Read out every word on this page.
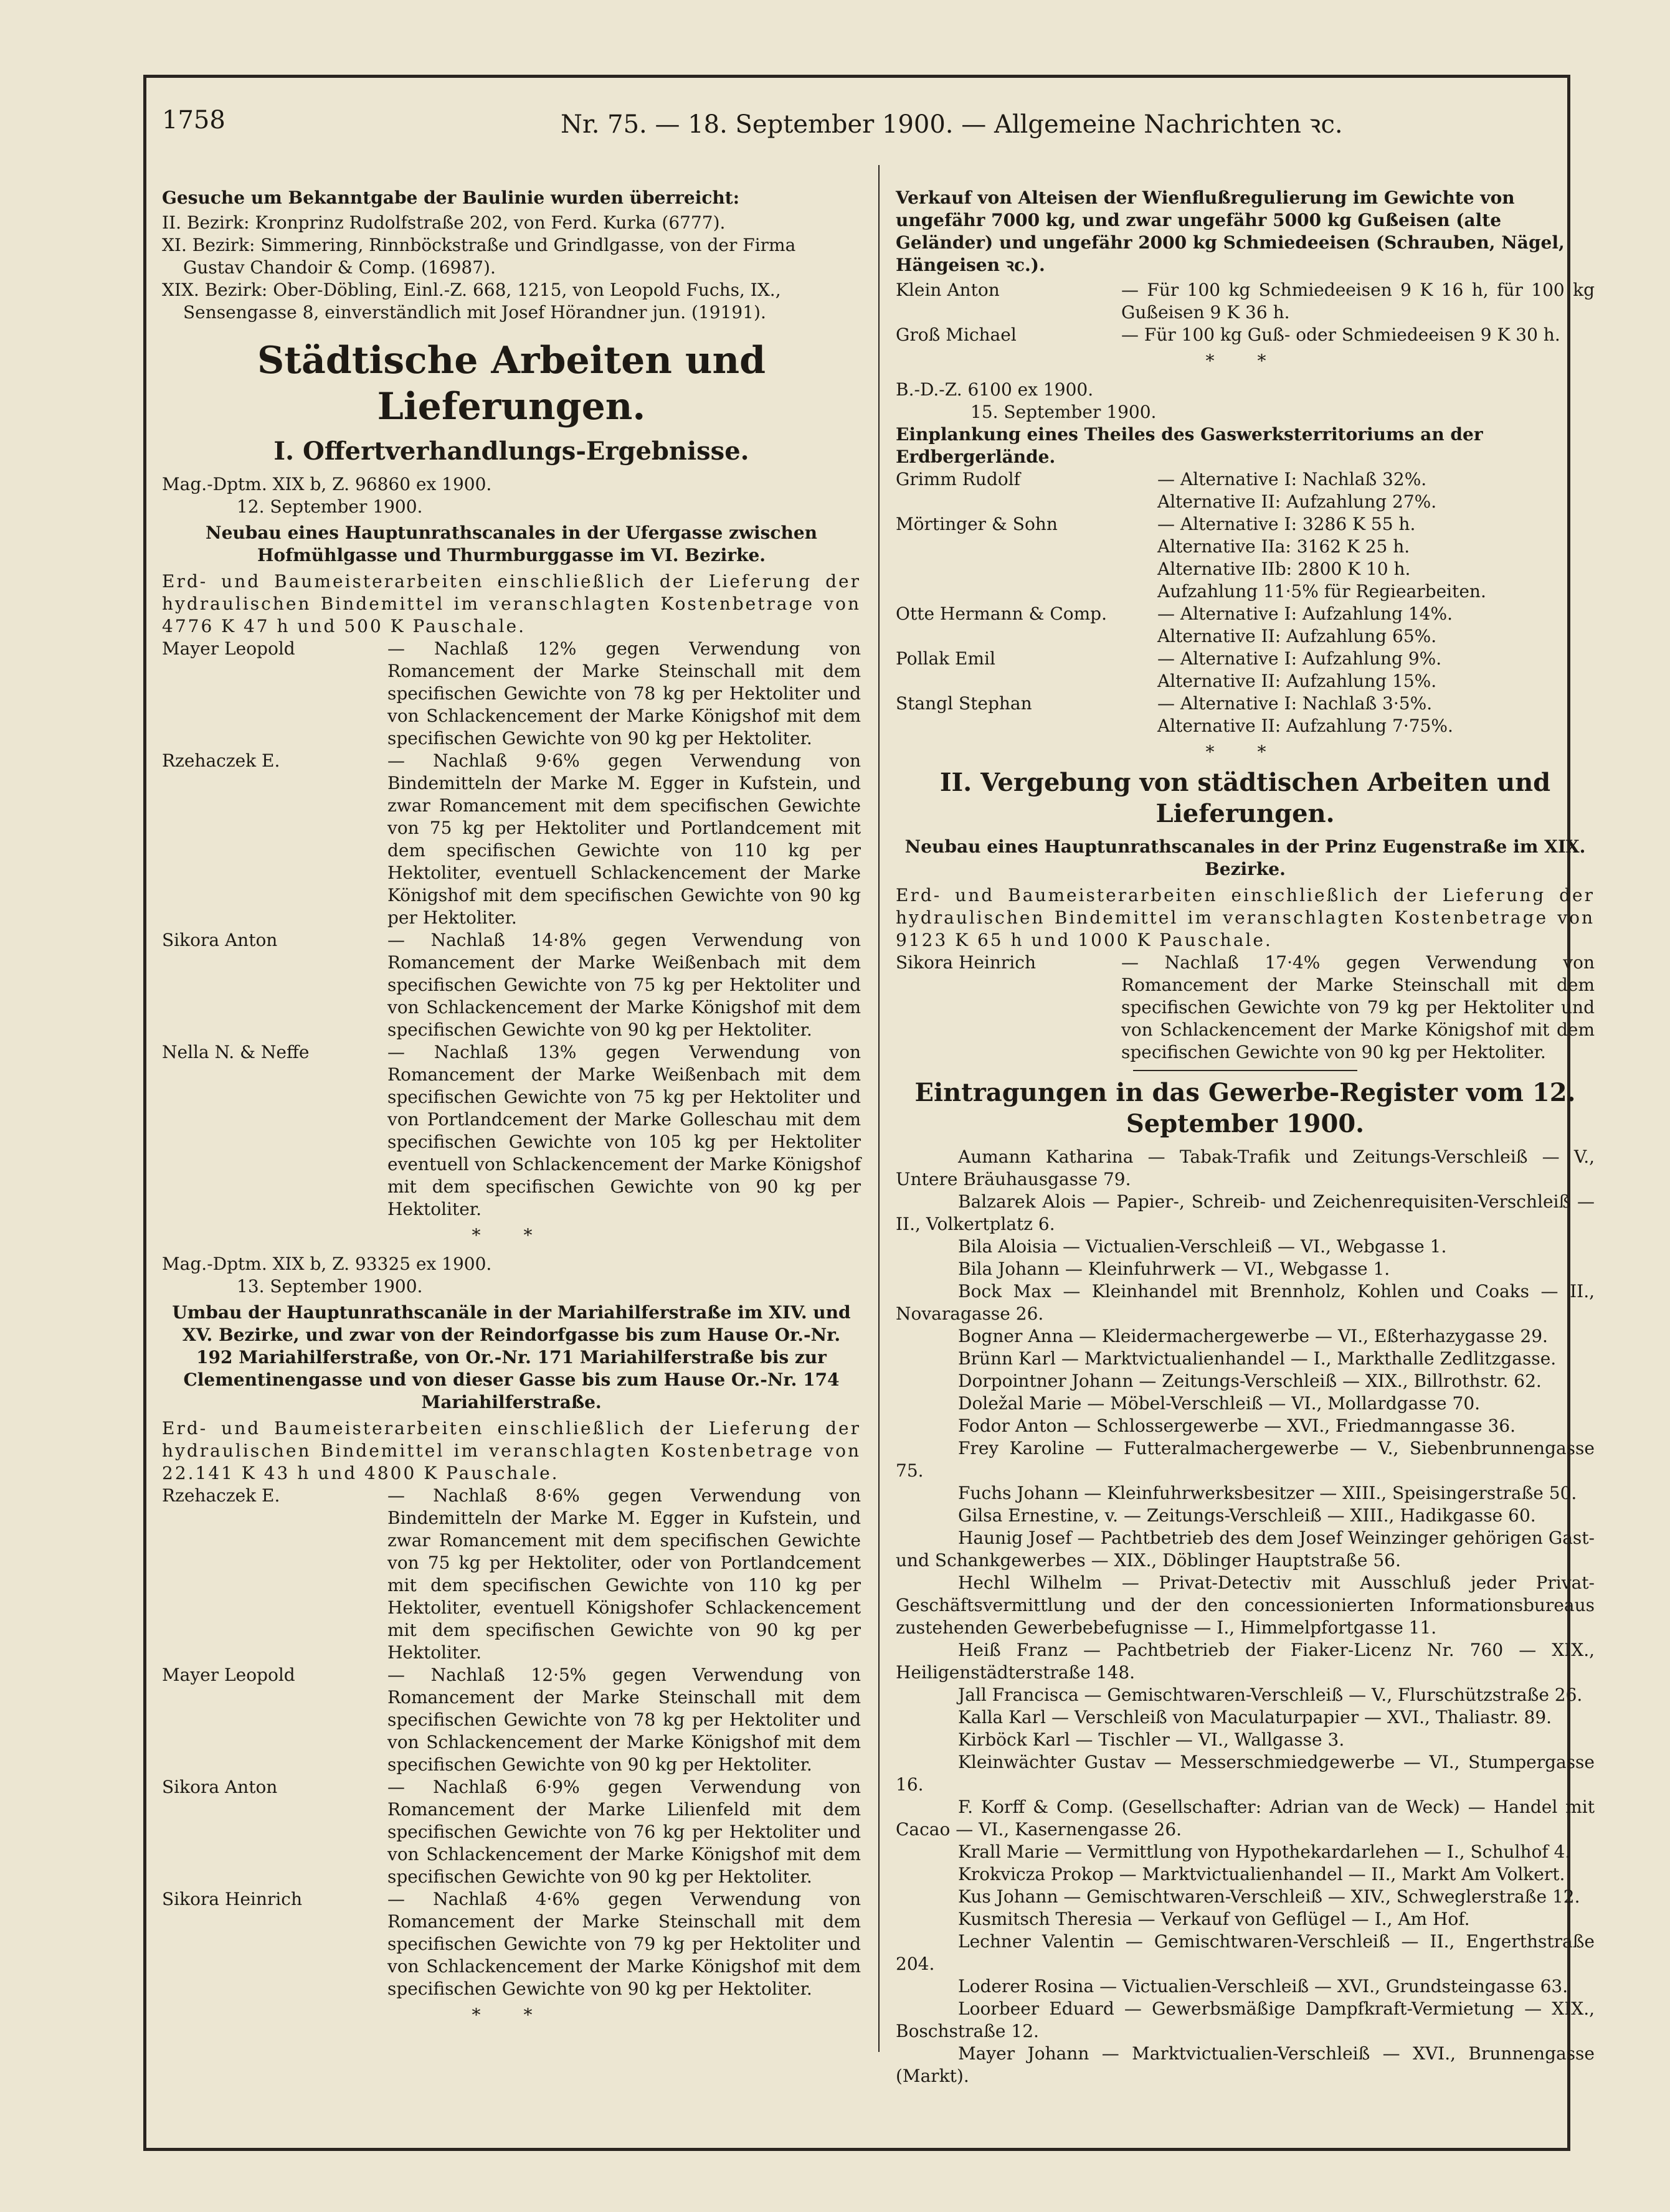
1758	Nr. 75. — 18. September 1900. — Allgemeine Nachrichten ꝛc.
Gesuche um Bekanntgabe der Baulinie wurden überreicht:
II. Bezirk: Kronprinz Rudolfstraße 202, von Ferd. Kurka (6777).
XI. Bezirk: Simmering, Rinnböckstraße und Grindlgasse, von der Firma Gustav Chandoir & Comp. (16987).
XIX. Bezirk: Ober-Döbling, Einl.-Z. 668, 1215, von Leopold Fuchs, IX., Sensengasse 8, einverständlich mit Josef Hörandner jun. (19191).
Städtische Arbeiten und Lieferungen.
I. Offertverhandlungs-Ergebnisse.
Mag.-Dptm. XIX b, Z. 96860 ex 1900.
12. September 1900.
Neubau eines Hauptunrathscanales in der Ufergasse zwischen Hofmühlgasse und Thurmburggasse im VI. Bezirke.
Erd- und Baumeisterarbeiten einschließlich der Lieferung der hydraulischen Bindemittel im veranschlagten Kostenbetrage von 4776 K 47 h und 500 K Pauschale.
Mayer Leopold	— Nachlaß 12% gegen Verwendung von Romancement der Marke Steinschall mit dem specifischen Gewichte von 78 kg per Hektoliter und von Schlackencement der Marke Königshof mit dem specifischen Gewichte von 90 kg per Hektoliter.
Rzehaczek E.	— Nachlaß 9·6% gegen Verwendung von Bindemitteln der Marke M. Egger in Kufstein, und zwar Romancement mit dem specifischen Gewichte von 75 kg per Hektoliter und Portlandcement mit dem specifischen Gewichte von 110 kg per Hektoliter, eventuell Schlackencement der Marke Königshof mit dem specifischen Gewichte von 90 kg per Hektoliter.
Sikora Anton	— Nachlaß 14·8% gegen Verwendung von Romancement der Marke Weißenbach mit dem specifischen Gewichte von 75 kg per Hektoliter und von Schlackencement der Marke Königshof mit dem specifischen Gewichte von 90 kg per Hektoliter.
Nella N. & Neffe	— Nachlaß 13% gegen Verwendung von Romancement der Marke Weißenbach mit dem specifischen Gewichte von 75 kg per Hektoliter und von Portlandcement der Marke Golleschau mit dem specifischen Gewichte von 105 kg per Hektoliter eventuell von Schlackencement der Marke Königshof mit dem specifischen Gewichte von 90 kg per Hektoliter.
* *
Mag.-Dptm. XIX b, Z. 93325 ex 1900.
13. September 1900.
Umbau der Hauptunrathscanäle in der Mariahilferstraße im XIV. und XV. Bezirke, und zwar von der Reindorfgasse bis zum Hause Or.-Nr. 192 Mariahilferstraße, von Or.-Nr. 171 Mariahilferstraße bis zur Clementinengasse und von dieser Gasse bis zum Hause Or.-Nr. 174 Mariahilferstraße.
Erd- und Baumeisterarbeiten einschließlich der Lieferung der hydraulischen Bindemittel im veranschlagten Kostenbetrage von 22.141 K 43 h und 4800 K Pauschale.
Rzehaczek E.	— Nachlaß 8·6% gegen Verwendung von Bindemitteln der Marke M. Egger in Kufstein, und zwar Romancement mit dem specifischen Gewichte von 75 kg per Hektoliter, oder von Portlandcement mit dem specifischen Gewichte von 110 kg per Hektoliter, eventuell Königshofer Schlackencement mit dem specifischen Gewichte von 90 kg per Hektoliter.
Mayer Leopold	— Nachlaß 12·5% gegen Verwendung von Romancement der Marke Steinschall mit dem specifischen Gewichte von 78 kg per Hektoliter und von Schlackencement der Marke Königshof mit dem specifischen Gewichte von 90 kg per Hektoliter.
Sikora Anton	— Nachlaß 6·9% gegen Verwendung von Romancement der Marke Lilienfeld mit dem specifischen Gewichte von 76 kg per Hektoliter und von Schlackencement der Marke Königshof mit dem specifischen Gewichte von 90 kg per Hektoliter.
Sikora Heinrich	— Nachlaß 4·6% gegen Verwendung von Romancement der Marke Steinschall mit dem specifischen Gewichte von 79 kg per Hektoliter und von Schlackencement der Marke Königshof mit dem specifischen Gewichte von 90 kg per Hektoliter.
* *
Verkauf von Alteisen der Wienflußregulierung im Gewichte von ungefähr 7000 kg, und zwar ungefähr 5000 kg Gußeisen (alte Geländer) und ungefähr 2000 kg Schmiedeeisen (Schrauben, Nägel, Hängeisen ꝛc.).
Klein Anton	— Für 100 kg Schmiedeeisen 9 K 16 h, für 100 kg Gußeisen 9 K 36 h.
Groß Michael	— Für 100 kg Guß- oder Schmiedeeisen 9 K 30 h.
* *
B.-D.-Z. 6100 ex 1900.
15. September 1900.
Einplankung eines Theiles des Gaswerksterritoriums an der Erdbergerlände.
Grimm Rudolf	— Alternative I: Nachlaß 32%.
Alternative II: Aufzahlung 27%.
Mörtinger & Sohn	— Alternative I: 3286 K 55 h.
Alternative IIa: 3162 K 25 h.
Alternative IIb: 2800 K 10 h.
Aufzahlung 11·5% für Regiearbeiten.
Otte Hermann & Comp.	— Alternative I: Aufzahlung 14%.
Alternative II: Aufzahlung 65%.
Pollak Emil	— Alternative I: Aufzahlung 9%.
Alternative II: Aufzahlung 15%.
Stangl Stephan	— Alternative I: Nachlaß 3·5%.
Alternative II: Aufzahlung 7·75%.
* *
II. Vergebung von städtischen Arbeiten und Lieferungen.
Neubau eines Hauptunrathscanales in der Prinz Eugenstraße im XIX. Bezirke.
Erd- und Baumeisterarbeiten einschließlich der Lieferung der hydraulischen Bindemittel im veranschlagten Kostenbetrage von 9123 K 65 h und 1000 K Pauschale.
Sikora Heinrich	— Nachlaß 17·4% gegen Verwendung von Romancement der Marke Steinschall mit dem specifischen Gewichte von 79 kg per Hektoliter und von Schlackencement der Marke Königshof mit dem specifischen Gewichte von 90 kg per Hektoliter.
Eintragungen in das Gewerbe-Register vom 12. September 1900.
Aumann Katharina — Tabak-Trafik und Zeitungs-Verschleiß — V., Untere Bräuhausgasse 79.
Balzarek Alois — Papier-, Schreib- und Zeichenrequisiten-Verschleiß — II., Volkertplatz 6.
Bila Aloisia — Victualien-Verschleiß — VI., Webgasse 1.
Bila Johann — Kleinfuhrwerk — VI., Webgasse 1.
Bock Max — Kleinhandel mit Brennholz, Kohlen und Coaks — II., Novaragasse 26.
Bogner Anna — Kleidermachergewerbe — VI., Eßterhazygasse 29.
Brünn Karl — Marktvictualienhandel — I., Markthalle Zedlitzgasse.
Dorpointner Johann — Zeitungs-Verschleiß — XIX., Billrothstr. 62.
Doležal Marie — Möbel-Verschleiß — VI., Mollardgasse 70.
Fodor Anton — Schlossergewerbe — XVI., Friedmanngasse 36.
Frey Karoline — Futteralmachergewerbe — V., Siebenbrunnengasse 75.
Fuchs Johann — Kleinfuhrwerksbesitzer — XIII., Speisingerstraße 50.
Gilsa Ernestine, v. — Zeitungs-Verschleiß — XIII., Hadikgasse 60.
Haunig Josef — Pachtbetrieb des dem Josef Weinzinger gehörigen Gast- und Schankgewerbes — XIX., Döblinger Hauptstraße 56.
Hechl Wilhelm — Privat-Detectiv mit Ausschluß jeder Privat-Geschäftsvermittlung und der den concessionierten Informationsbureaus zustehenden Gewerbebefugnisse — I., Himmelpfortgasse 11.
Heiß Franz — Pachtbetrieb der Fiaker-Licenz Nr. 760 — XIX., Heiligenstädterstraße 148.
Jall Francisca — Gemischtwaren-Verschleiß — V., Flurschützstraße 26.
Kalla Karl — Verschleiß von Maculaturpapier — XVI., Thaliastr. 89.
Kirböck Karl — Tischler — VI., Wallgasse 3.
Kleinwächter Gustav — Messerschmiedgewerbe — VI., Stumpergasse 16.
F. Korff & Comp. (Gesellschafter: Adrian van de Weck) — Handel mit Cacao — VI., Kasernengasse 26.
Krall Marie — Vermittlung von Hypothekardarlehen — I., Schulhof 4.
Krokvicza Prokop — Marktvictualienhandel — II., Markt Am Volkert.
Kus Johann — Gemischtwaren-Verschleiß — XIV., Schweglerstraße 12.
Kusmitsch Theresia — Verkauf von Geflügel — I., Am Hof.
Lechner Valentin — Gemischtwaren-Verschleiß — II., Engerthstraße 204.
Loderer Rosina — Victualien-Verschleiß — XVI., Grundsteingasse 63.
Loorbeer Eduard — Gewerbsmäßige Dampfkraft-Vermietung — XIX., Boschstraße 12.
Mayer Johann — Marktvictualien-Verschleiß — XVI., Brunnengasse (Markt).
